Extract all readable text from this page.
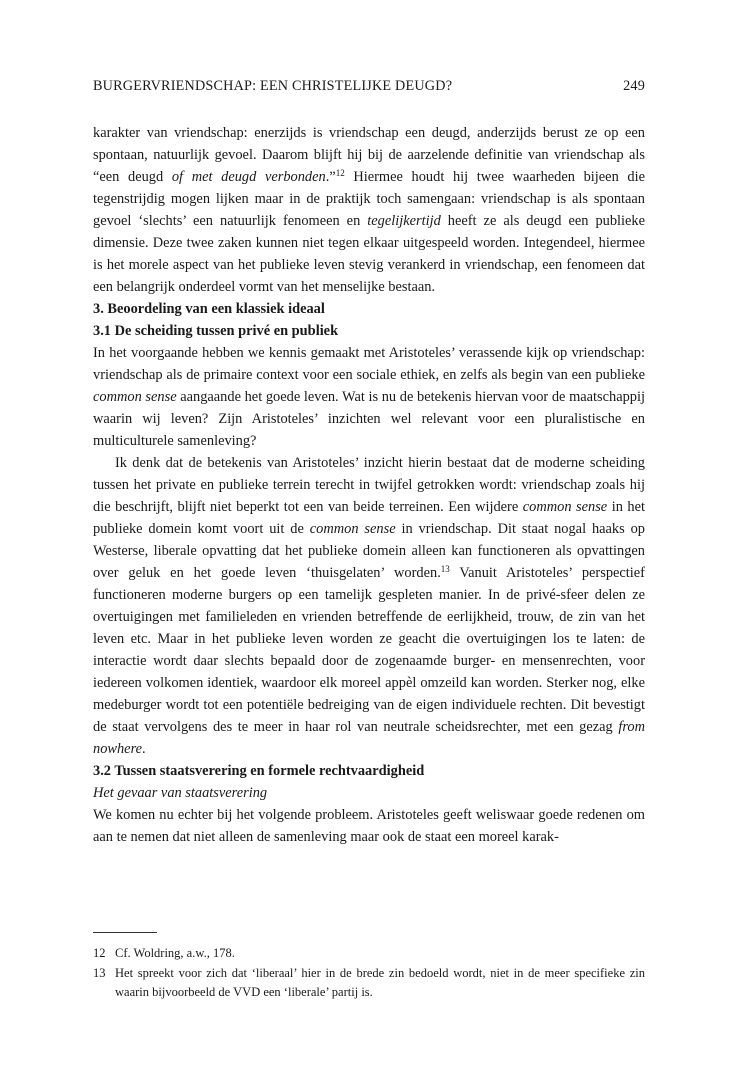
BURGERVRIENDSCHAP: EEN CHRISTELIJKE DEUGD?	249

karakter van vriendschap: enerzijds is vriendschap een deugd, anderzijds berust ze op een spontaan, natuurlijk gevoel. Daarom blijft hij bij de aarzelende definitie van vriendschap als “een deugd of met deugd verbonden.”$^{12}$ Hiermee houdt hij twee waarheden bijeen die tegenstrijdig mogen lijken maar in de praktijk toch samengaan: vriendschap is als spontaan gevoel ‘slechts’ een natuurlijk fenomeen en tegelijkertijd heeft ze als deugd een publieke dimensie. Deze twee zaken kunnen niet tegen elkaar uitgespeeld worden. Integendeel, hiermee is het morele aspect van het publieke leven stevig verankerd in vriendschap, een fenomeen dat een belangrijk onderdeel vormt van het menselijke bestaan.

3. Beoordeling van een klassiek ideaal

3.1 De scheiding tussen privé en publiek

In het voorgaande hebben we kennis gemaakt met Aristoteles’ verassende kijk op vriendschap: vriendschap als de primaire context voor een sociale ethiek, en zelfs als begin van een publieke common sense aangaande het goede leven. Wat is nu de betekenis hiervan voor de maatschappij waarin wij leven? Zijn Aristoteles’ inzichten wel relevant voor een pluralistische en multiculturele samenleving?

Ik denk dat de betekenis van Aristoteles’ inzicht hierin bestaat dat de moderne scheiding tussen het private en publieke terrein terecht in twijfel getrokken wordt: vriendschap zoals hij die beschrijft, blijft niet beperkt tot een van beide terreinen. Een wijdere common sense in het publieke domein komt voort uit de common sense in vriendschap. Dit staat nogal haaks op Westerse, liberale opvatting dat het publieke domein alleen kan functioneren als opvattingen over geluk en het goede leven ‘thuisgelaten’ worden.$^{13}$ Vanuit Aristoteles’ perspectief functioneren moderne burgers op een tamelijk gespleten manier. In de privé-sfeer delen ze overtuigingen met familieleden en vrienden betreffende de eerlijkheid, trouw, de zin van het leven etc. Maar in het publieke leven worden ze geacht die overtuigingen los te laten: de interactie wordt daar slechts bepaald door de zogenaamde burger- en mensenrechten, voor iedereen volkomen identiek, waardoor elk moreel appèl omzeild kan worden. Sterker nog, elke medeburger wordt tot een potentiële bedreiging van de eigen individuele rechten. Dit bevestigt de staat vervolgens des te meer in haar rol van neutrale scheidsrechter, met een gezag from nowhere.

3.2 Tussen staatsverering en formele rechtvaardigheid

Het gevaar van staatsverering

We komen nu echter bij het volgende probleem. Aristoteles geeft weliswaar goede redenen om aan te nemen dat niet alleen de samenleving maar ook de staat een moreel karak-

12 Cf. Woldring, a.w., 178.
13 Het spreekt voor zich dat ‘liberaal’ hier in de brede zin bedoeld wordt, niet in de meer specifieke zin waarin bijvoorbeeld de VVD een ‘liberale’ partij is.
